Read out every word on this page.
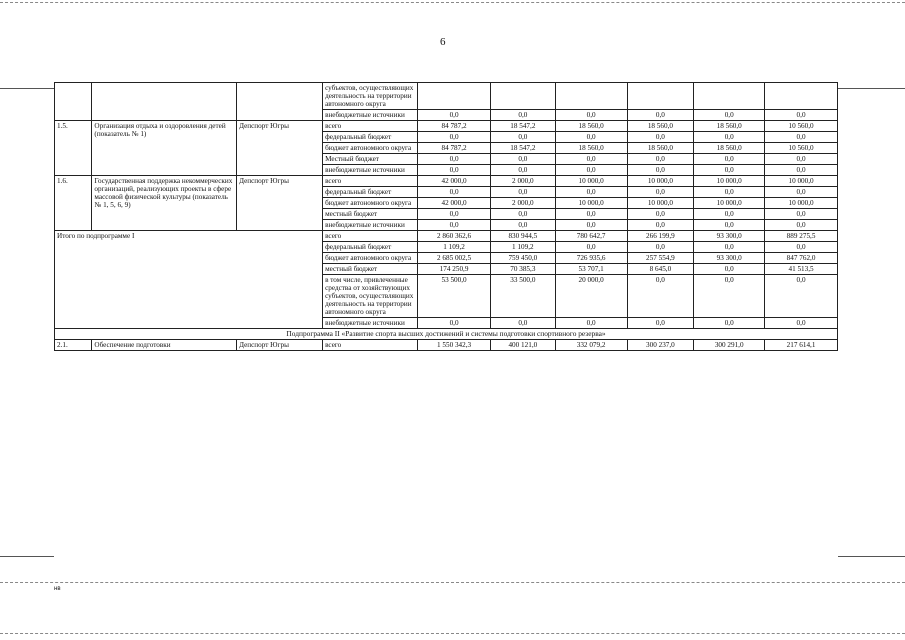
6
			субъектов, осуществляющих деятельность на территории автономного округа						
			внебюджетные источники	0,0	0,0	0,0	0,0	0,0	0,0
1.5.	Организация отдыха и оздоровления детей (показатель № 1)	Депспорт Югры	всего	84 787,2	18 547,2	18 560,0	18 560,0	18 560,0	10 560,0
			федеральный бюджет	0,0	0,0	0,0	0,0	0,0	0,0
			бюджет автономного округа	84 787,2	18 547,2	18 560,0	18 560,0	18 560,0	10 560,0
			Местный бюджет	0,0	0,0	0,0	0,0	0,0	0,0
			внебюджетные источники	0,0	0,0	0,0	0,0	0,0	0,0
1.6.	Государственная поддержка некоммерческих организаций, реализующих проекты в сфере массовой физической культуры (показатель № 1, 5, 6, 9)	Депспорт Югры	всего	42 000,0	2 000,0	10 000,0	10 000,0	10 000,0	10 000,0
			федеральный бюджет	0,0	0,0	0,0	0,0	0,0	0,0
			бюджет автономного округа	42 000,0	2 000,0	10 000,0	10 000,0	10 000,0	10 000,0
			местный бюджет	0,0	0,0	0,0	0,0	0,0	0,0
			внебюджетные источники	0,0	0,0	0,0	0,0	0,0	0,0
Итого по подпрограмме I			всего	2 860 362,6	830 944,5	780 642,7	266 199,9	93 300,0	889 275,5
			федеральный бюджет	1 109,2	1 109,2	0,0	0,0	0,0	0,0
			бюджет автономного округа	2 685 002,5	759 450,0	726 935,6	257 554,9	93 300,0	847 762,0
			местный бюджет	174 250,9	70 385,3	53 707,1	8 645,0	0,0	41 513,5
			в том числе, привлеченные средства от хозяйствующих субъектов, осуществляющих деятельность на территории автономного округа	53 500,0	33 500,0	20 000,0	0,0	0,0	0,0
			внебюджетные источники	0,0	0,0	0,0	0,0	0,0	0,0
Подпрограмма II «Развитие спорта высших достижений и системы подготовки спортивного резерва»									
2.1.	Обеспечение подготовки	Депспорт Югры	всего	1 550 342,3	400 121,0	332 079,2	300 237,0	300 291,0	217 614,1
нв
